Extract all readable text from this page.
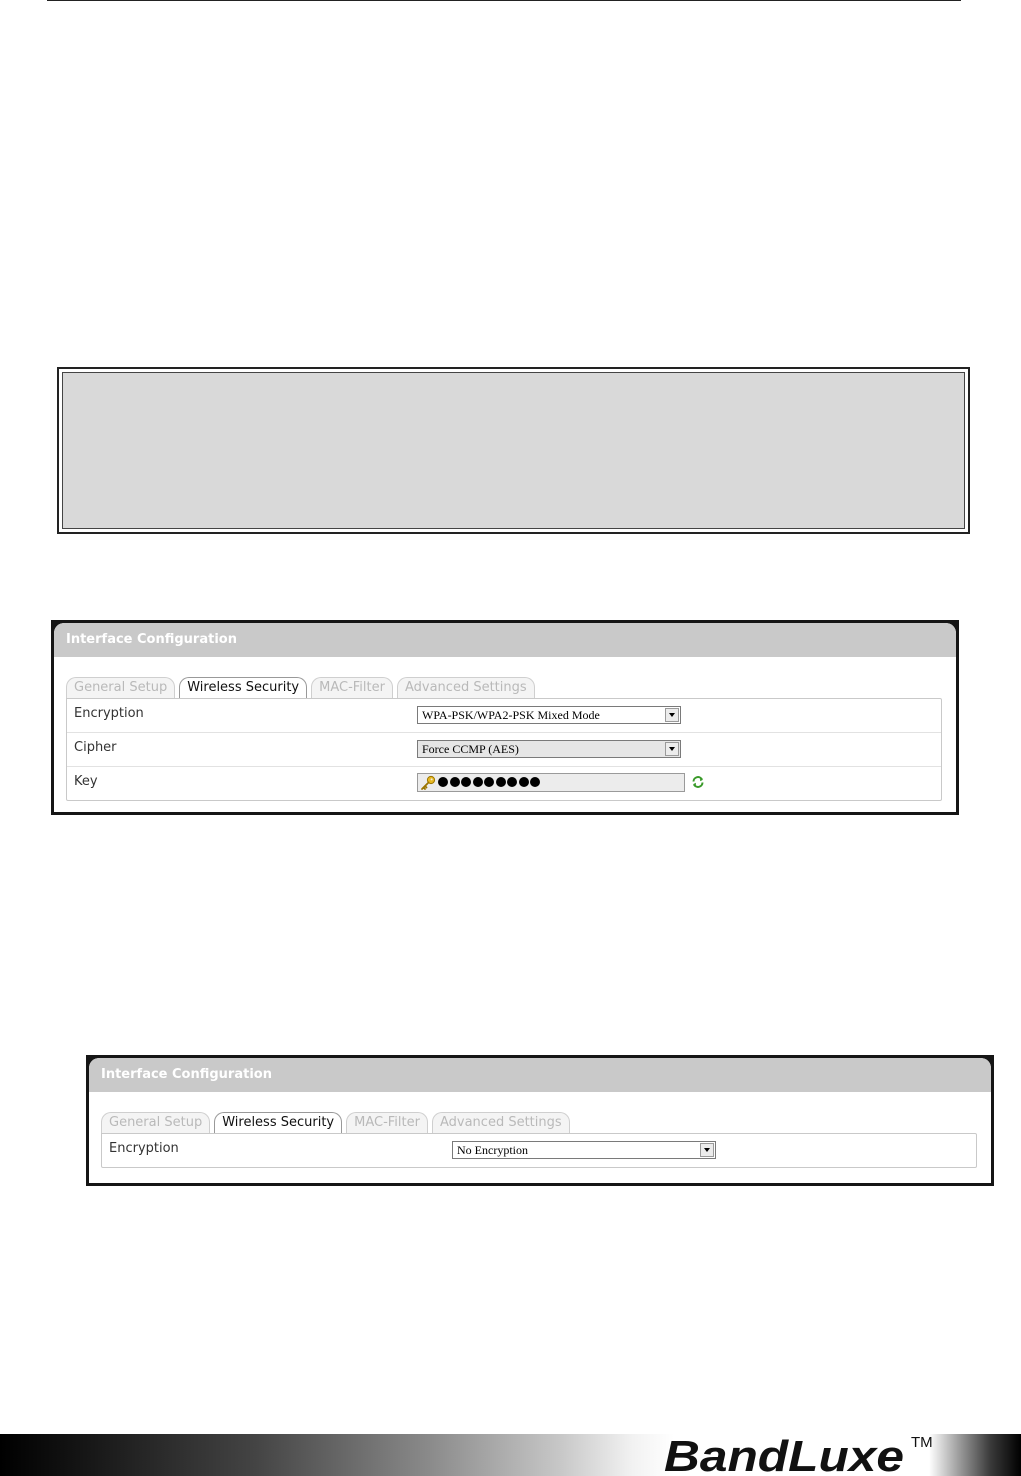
Interface Configuration
General Setup Wireless Security MAC-Filter Advanced Settings
Encryption	WPA-PSK/WPA2-PSK Mixed Mode
Cipher	Force CCMP (AES)
Key
Interface Configuration
General Setup Wireless Security MAC-Filter Advanced Settings
Encryption	No Encryption
BandLuxe TM
